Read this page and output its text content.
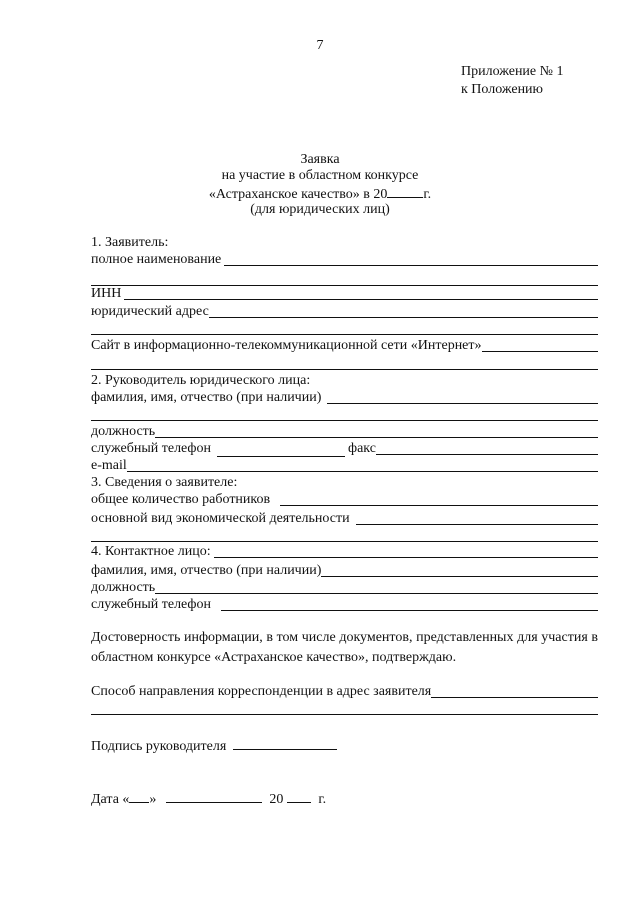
7
Приложение № 1
к Положению
Заявка
на участие в областном конкурсе
«Астраханское качество» в 20	г.
(для юридических лиц)
1. Заявитель:
полное наименование
ИНН
юридический адрес
Сайт в информационно-телекоммуникационной сети «Интернет»
2. Руководитель юридического лица:
фамилия, имя, отчество (при наличии)
должность
служебный телефон	факс
e-mail
3. Сведения о заявителе:
общее количество работников
основной вид экономической деятельности
4. Контактное лицо:
фамилия, имя, отчество (при наличии)
должность
служебный телефон
Достоверность информации, в том числе документов, представленных для участия в областном конкурсе «Астраханское качество», подтверждаю.
Способ направления корреспонденции в адрес заявителя
Подпись руководителя
Дата « »	20	г.
